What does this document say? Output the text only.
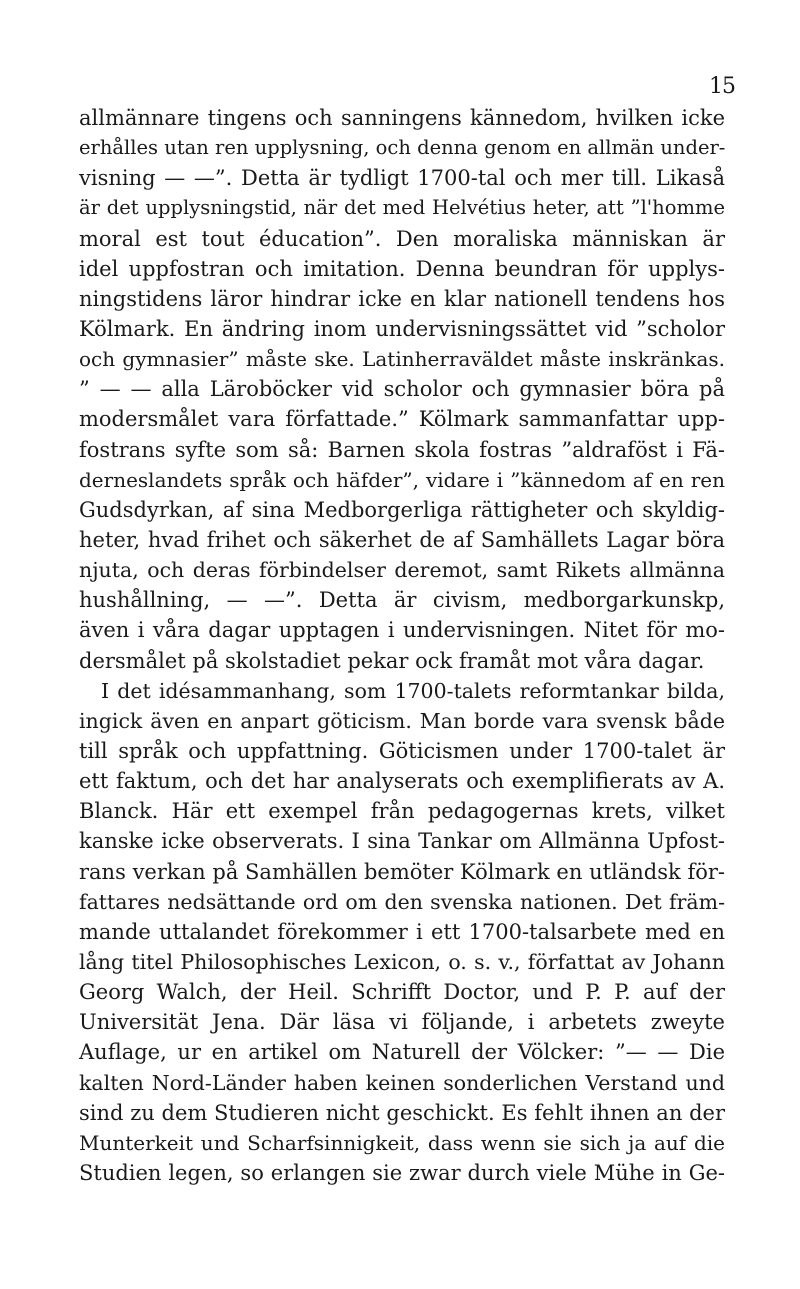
15
allmännare tingens och sanningens kännedom, hvilken icke
erhålles utan ren upplysning, och denna genom en allmän under-
visning — —”. Detta är tydligt 1700-tal och mer till. Likaså
är det upplysningstid, när det med Helvétius heter, att ”l'homme
moral est tout éducation”. Den moraliska människan är
idel uppfostran och imitation. Denna beundran för upplys-
ningstidens läror hindrar icke en klar nationell tendens hos
Kölmark. En ändring inom undervisningssättet vid ”scholor
och gymnasier” måste ske. Latinherraväldet måste inskränkas.
” — — alla Läroböcker vid scholor och gymnasier böra på
modersmålet vara författade.” Kölmark sammanfattar upp-
fostrans syfte som så: Barnen skola fostras ”aldraföst i Fä-
derneslandets språk och häfder”, vidare i ”kännedom af en ren
Gudsdyrkan, af sina Medborgerliga rättigheter och skyldig-
heter, hvad frihet och säkerhet de af Samhällets Lagar böra
njuta, och deras förbindelser deremot, samt Rikets allmänna
hushållning, — —”. Detta är civism, medborgarkunskp,
även i våra dagar upptagen i undervisningen. Nitet för mo-
dersmålet på skolstadiet pekar ock framåt mot våra dagar.
I det idésammanhang, som 1700-talets reformtankar bilda,
ingick även en anpart göticism. Man borde vara svensk både
till språk och uppfattning. Göticismen under 1700-talet är
ett faktum, och det har analyserats och exemplifierats av A.
Blanck. Här ett exempel från pedagogernas krets, vilket
kanske icke observerats. I sina Tankar om Allmänna Upfost-
rans verkan på Samhällen bemöter Kölmark en utländsk för-
fattares nedsättande ord om den svenska nationen. Det främ-
mande uttalandet förekommer i ett 1700-talsarbete med en
lång titel Philosophisches Lexicon, o. s. v., författat av Johann
Georg Walch, der Heil. Schrifft Doctor, und P. P. auf der
Universität Jena. Där läsa vi följande, i arbetets zweyte
Auflage, ur en artikel om Naturell der Völcker: ”— — Die
kalten Nord-Länder haben keinen sonderlichen Verstand und
sind zu dem Studieren nicht geschickt. Es fehlt ihnen an der
Munterkeit und Scharfsinnigkeit, dass wenn sie sich ja auf die
Studien legen, so erlangen sie zwar durch viele Mühe in Ge-
